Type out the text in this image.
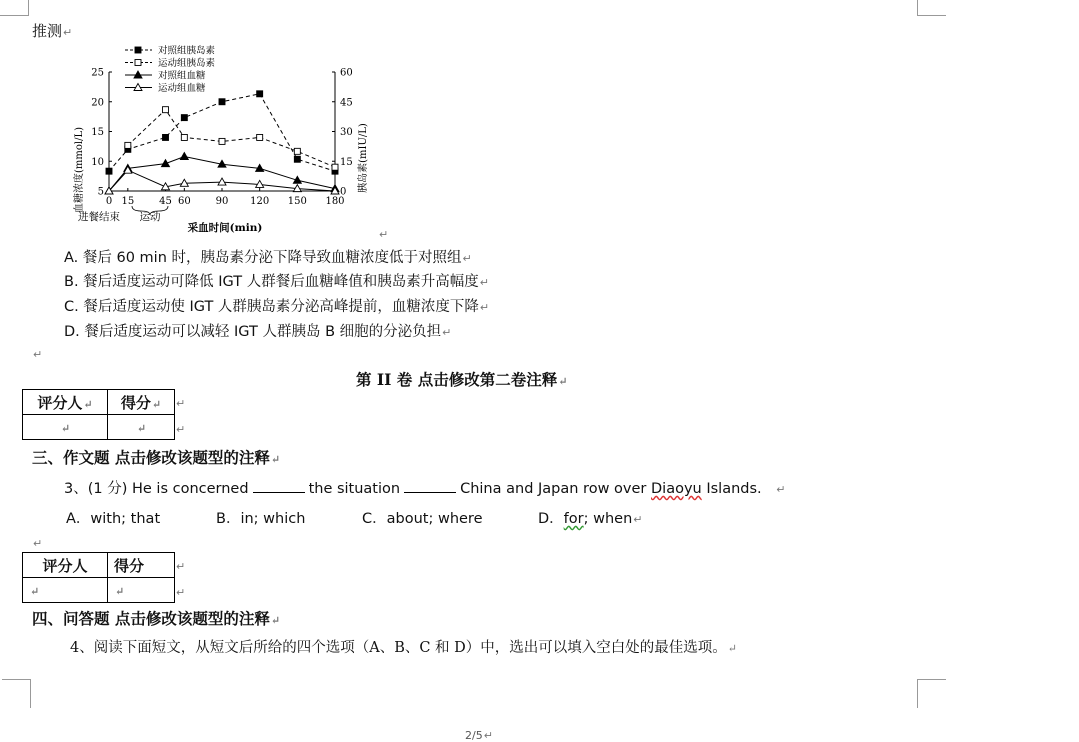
推测↵
5
10
15
20
25
0
15
30
45
60
0 15 45 60 90 120 150 180
对照组胰岛素
运动组胰岛素
对照组血糖
运动组血糖
血糖浓度(mmol/L)	胰岛素(mIU/L)
采血时间(min)
进餐结束 运动
↵
A. 餐后 60 min 时，胰岛素分泌下降导致血糖浓度低于对照组↵
B. 餐后适度运动可降低 IGT 人群餐后血糖峰值和胰岛素升高幅度↵
C. 餐后适度运动使 IGT 人群胰岛素分泌高峰提前，血糖浓度下降↵
D. 餐后适度运动可以减轻 IGT 人群胰岛 B 细胞的分泌负担↵
↵
第 II 卷 点击修改第二卷注释↵
评分人↵	得分↵
↵	↵
↵
↵
三、作文题 点击修改该题型的注释↵
3、(1 分) He is concerned	the situation	China and Japan row over Diaoyu Islands. ↵
A．with; that	B．in; which	C．about; where	D．for; when↵
↵
评分人	得分
↵	↵
↵
↵
四、问答题 点击修改该题型的注释↵
4、阅读下面短文，从短文后所给的四个选项（A、B、C 和 D）中，选出可以填入空白处的最佳选项。↵
2/5↵
